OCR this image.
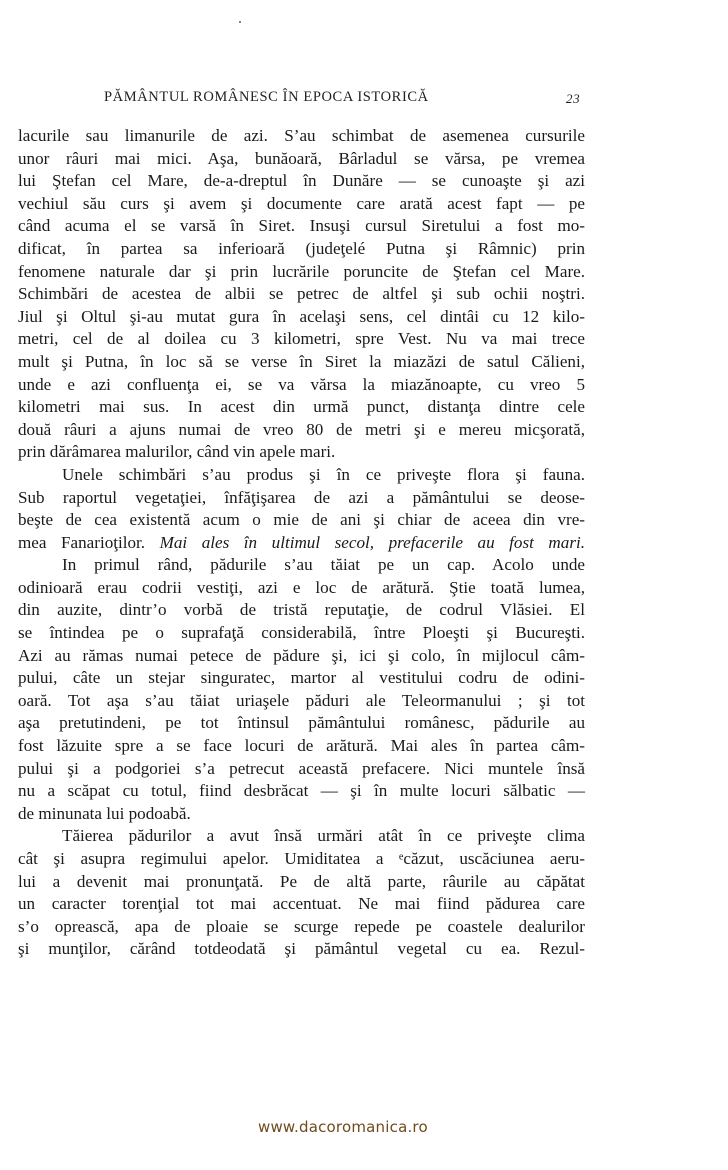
PĂMÂNTUL ROMÂNESC ÎN EPOCA ISTORICĂ	23
lacurile sau limanurile de azi. S’au schimbat de asemenea cursurile
unor râuri mai mici. Aşa, bunăoară, Bârladul se vărsa, pe vremea
lui Ştefan cel Mare, de-a-dreptul în Dunăre — se cunoaşte şi azi
vechiul său curs şi avem şi documente care arată acest fapt — pe
când acuma el se varsă în Siret. Insuşi cursul Siretului a fost mo-
dificat, în partea sa inferioară (judeţelé Putna şi Râmnic) prin
fenomene naturale dar şi prin lucrările poruncite de Ştefan cel Mare.
Schimbări de acestea de albii se petrec de altfel şi sub ochii noştri.
Jiul şi Oltul şi-au mutat gura în acelaşi sens, cel dintâi cu 12 kilo-
metri, cel de al doilea cu 3 kilometri, spre Vest. Nu va mai trece
mult şi Putna, în loc să se verse în Siret la miazăzi de satul Călieni,
unde e azi confluenţa ei, se va vărsa la miazănoapte, cu vreo 5
kilometri mai sus. In acest din urmă punct, distanţa dintre cele
două râuri a ajuns numai de vreo 80 de metri şi e mereu micşorată,
prin dărâmarea malurilor, când vin apele mari.
Unele schimbări s’au produs şi în ce priveşte flora şi fauna.
Sub raportul vegetaţiei, înfăţişarea de azi a pământului se deose-
beşte de cea existentă acum o mie de ani şi chiar de aceea din vre-
mea Fanarioţilor. Mai ales în ultimul secol, prefacerile au fost mari.
In primul rând, pădurile s’au tăiat pe un cap. Acolo unde
odinioară erau codrii vestiţi, azi e loc de arătură. Ştie toată lumea,
din auzite, dintr’o vorbă de tristă reputaţie, de codrul Vlăsiei. El
se întindea pe o suprafaţă considerabilă, între Ploeşti şi Bucureşti.
Azi au rămas numai petece de pădure şi, ici şi colo, în mijlocul câm-
pului, câte un stejar singuratec, martor al vestitului codru de odini-
oară. Tot aşa s’au tăiat uriaşele păduri ale Teleormanului ; şi tot
aşa pretutindeni, pe tot întinsul pământului românesc, pădurile au
fost lăzuite spre a se face locuri de arătură. Mai ales în partea câm-
pului şi a podgoriei s’a petrecut această prefacere. Nici muntele însă
nu a scăpat cu totul, fiind desbrăcat — şi în multe locuri sălbatic —
de minunata lui podoabă.
Tăierea pădurilor a avut însă urmări atât în ce priveşte clima
cât şi asupra regimului apelor. Umiditatea a ᵉcăzut, uscăciunea aeru-
lui a devenit mai pronunţată. Pe de altă parte, râurile au căpătat
un caracter torenţial tot mai accentuat. Ne mai fiind pădurea care
s’o oprească, apa de ploaie se scurge repede pe coastele dealurilor
şi munţilor, cărând totdeodată şi pământul vegetal cu ea. Rezul-
www.dacoromanica.ro
